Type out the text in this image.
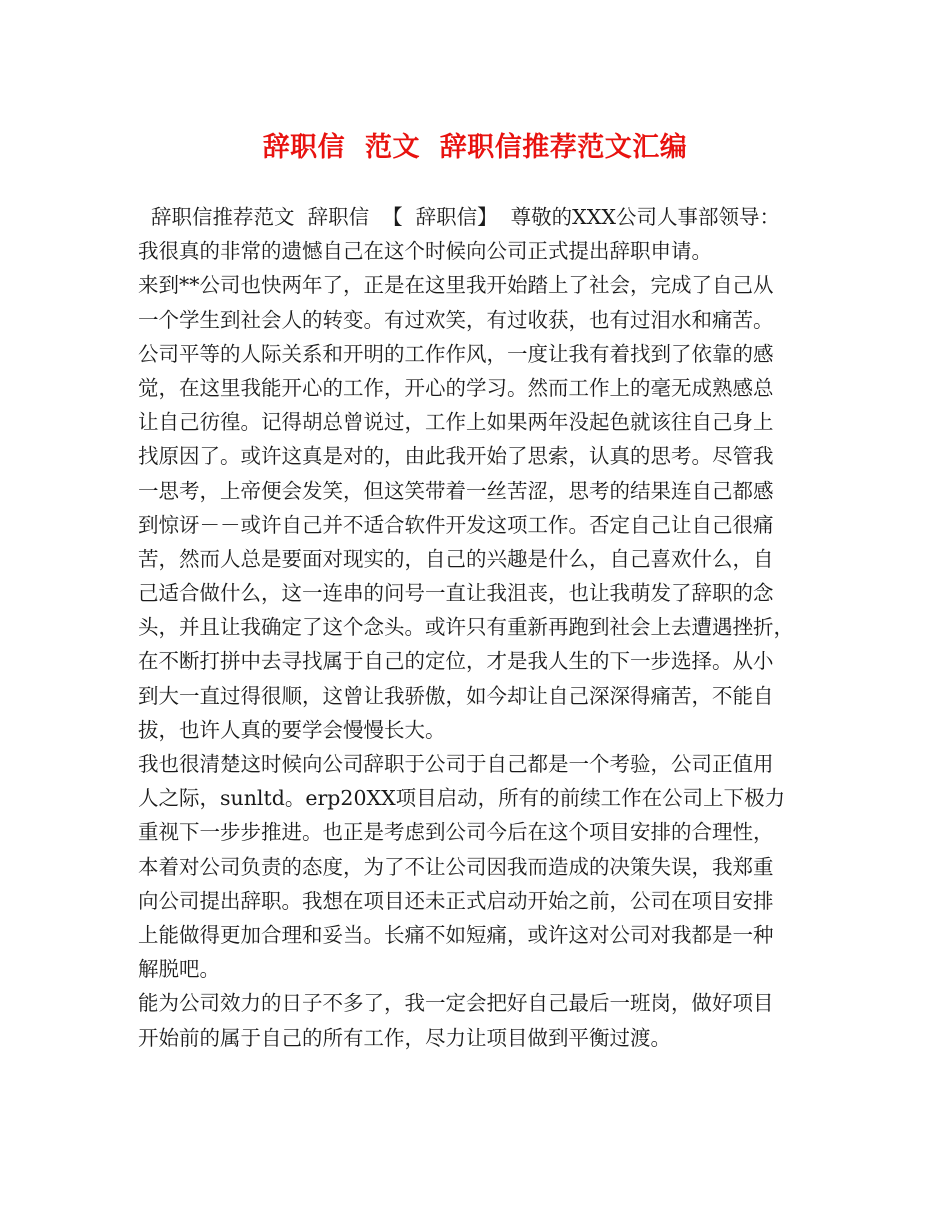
辞职信  范文  辞职信推荐范文汇编
辞职信推荐范文  辞职信  【  辞职信】  尊敬的XXX公司人事部领导：
我很真的非常的遗憾自己在这个时候向公司正式提出辞职申请。
来到**公司也快两年了，正是在这里我开始踏上了社会，完成了自己从
一个学生到社会人的转变。有过欢笑，有过收获，也有过泪水和痛苦。
公司平等的人际关系和开明的工作作风，一度让我有着找到了依靠的感
觉，在这里我能开心的工作，开心的学习。然而工作上的毫无成熟感总
让自己彷徨。记得胡总曾说过，工作上如果两年没起色就该往自己身上
找原因了。或许这真是对的，由此我开始了思索，认真的思考。尽管我
一思考，上帝便会发笑，但这笑带着一丝苦涩，思考的结果连自己都感
到惊讶－－或许自己并不适合软件开发这项工作。否定自己让自己很痛
苦，然而人总是要面对现实的，自己的兴趣是什么，自己喜欢什么，自
己适合做什么，这一连串的问号一直让我沮丧，也让我萌发了辞职的念
头，并且让我确定了这个念头。或许只有重新再跑到社会上去遭遇挫折，
在不断打拼中去寻找属于自己的定位，才是我人生的下一步选择。从小
到大一直过得很顺，这曾让我骄傲，如今却让自己深深得痛苦，不能自
拔，也许人真的要学会慢慢长大。
我也很清楚这时候向公司辞职于公司于自己都是一个考验，公司正值用
人之际，sunltd。erp20XX项目启动，所有的前续工作在公司上下极力
重视下一步步推进。也正是考虑到公司今后在这个项目安排的合理性，
本着对公司负责的态度，为了不让公司因我而造成的决策失误，我郑重
向公司提出辞职。我想在项目还未正式启动开始之前，公司在项目安排
上能做得更加合理和妥当。长痛不如短痛，或许这对公司对我都是一种
解脱吧。
能为公司效力的日子不多了，我一定会把好自己最后一班岗，做好项目
开始前的属于自己的所有工作，尽力让项目做到平衡过渡。
